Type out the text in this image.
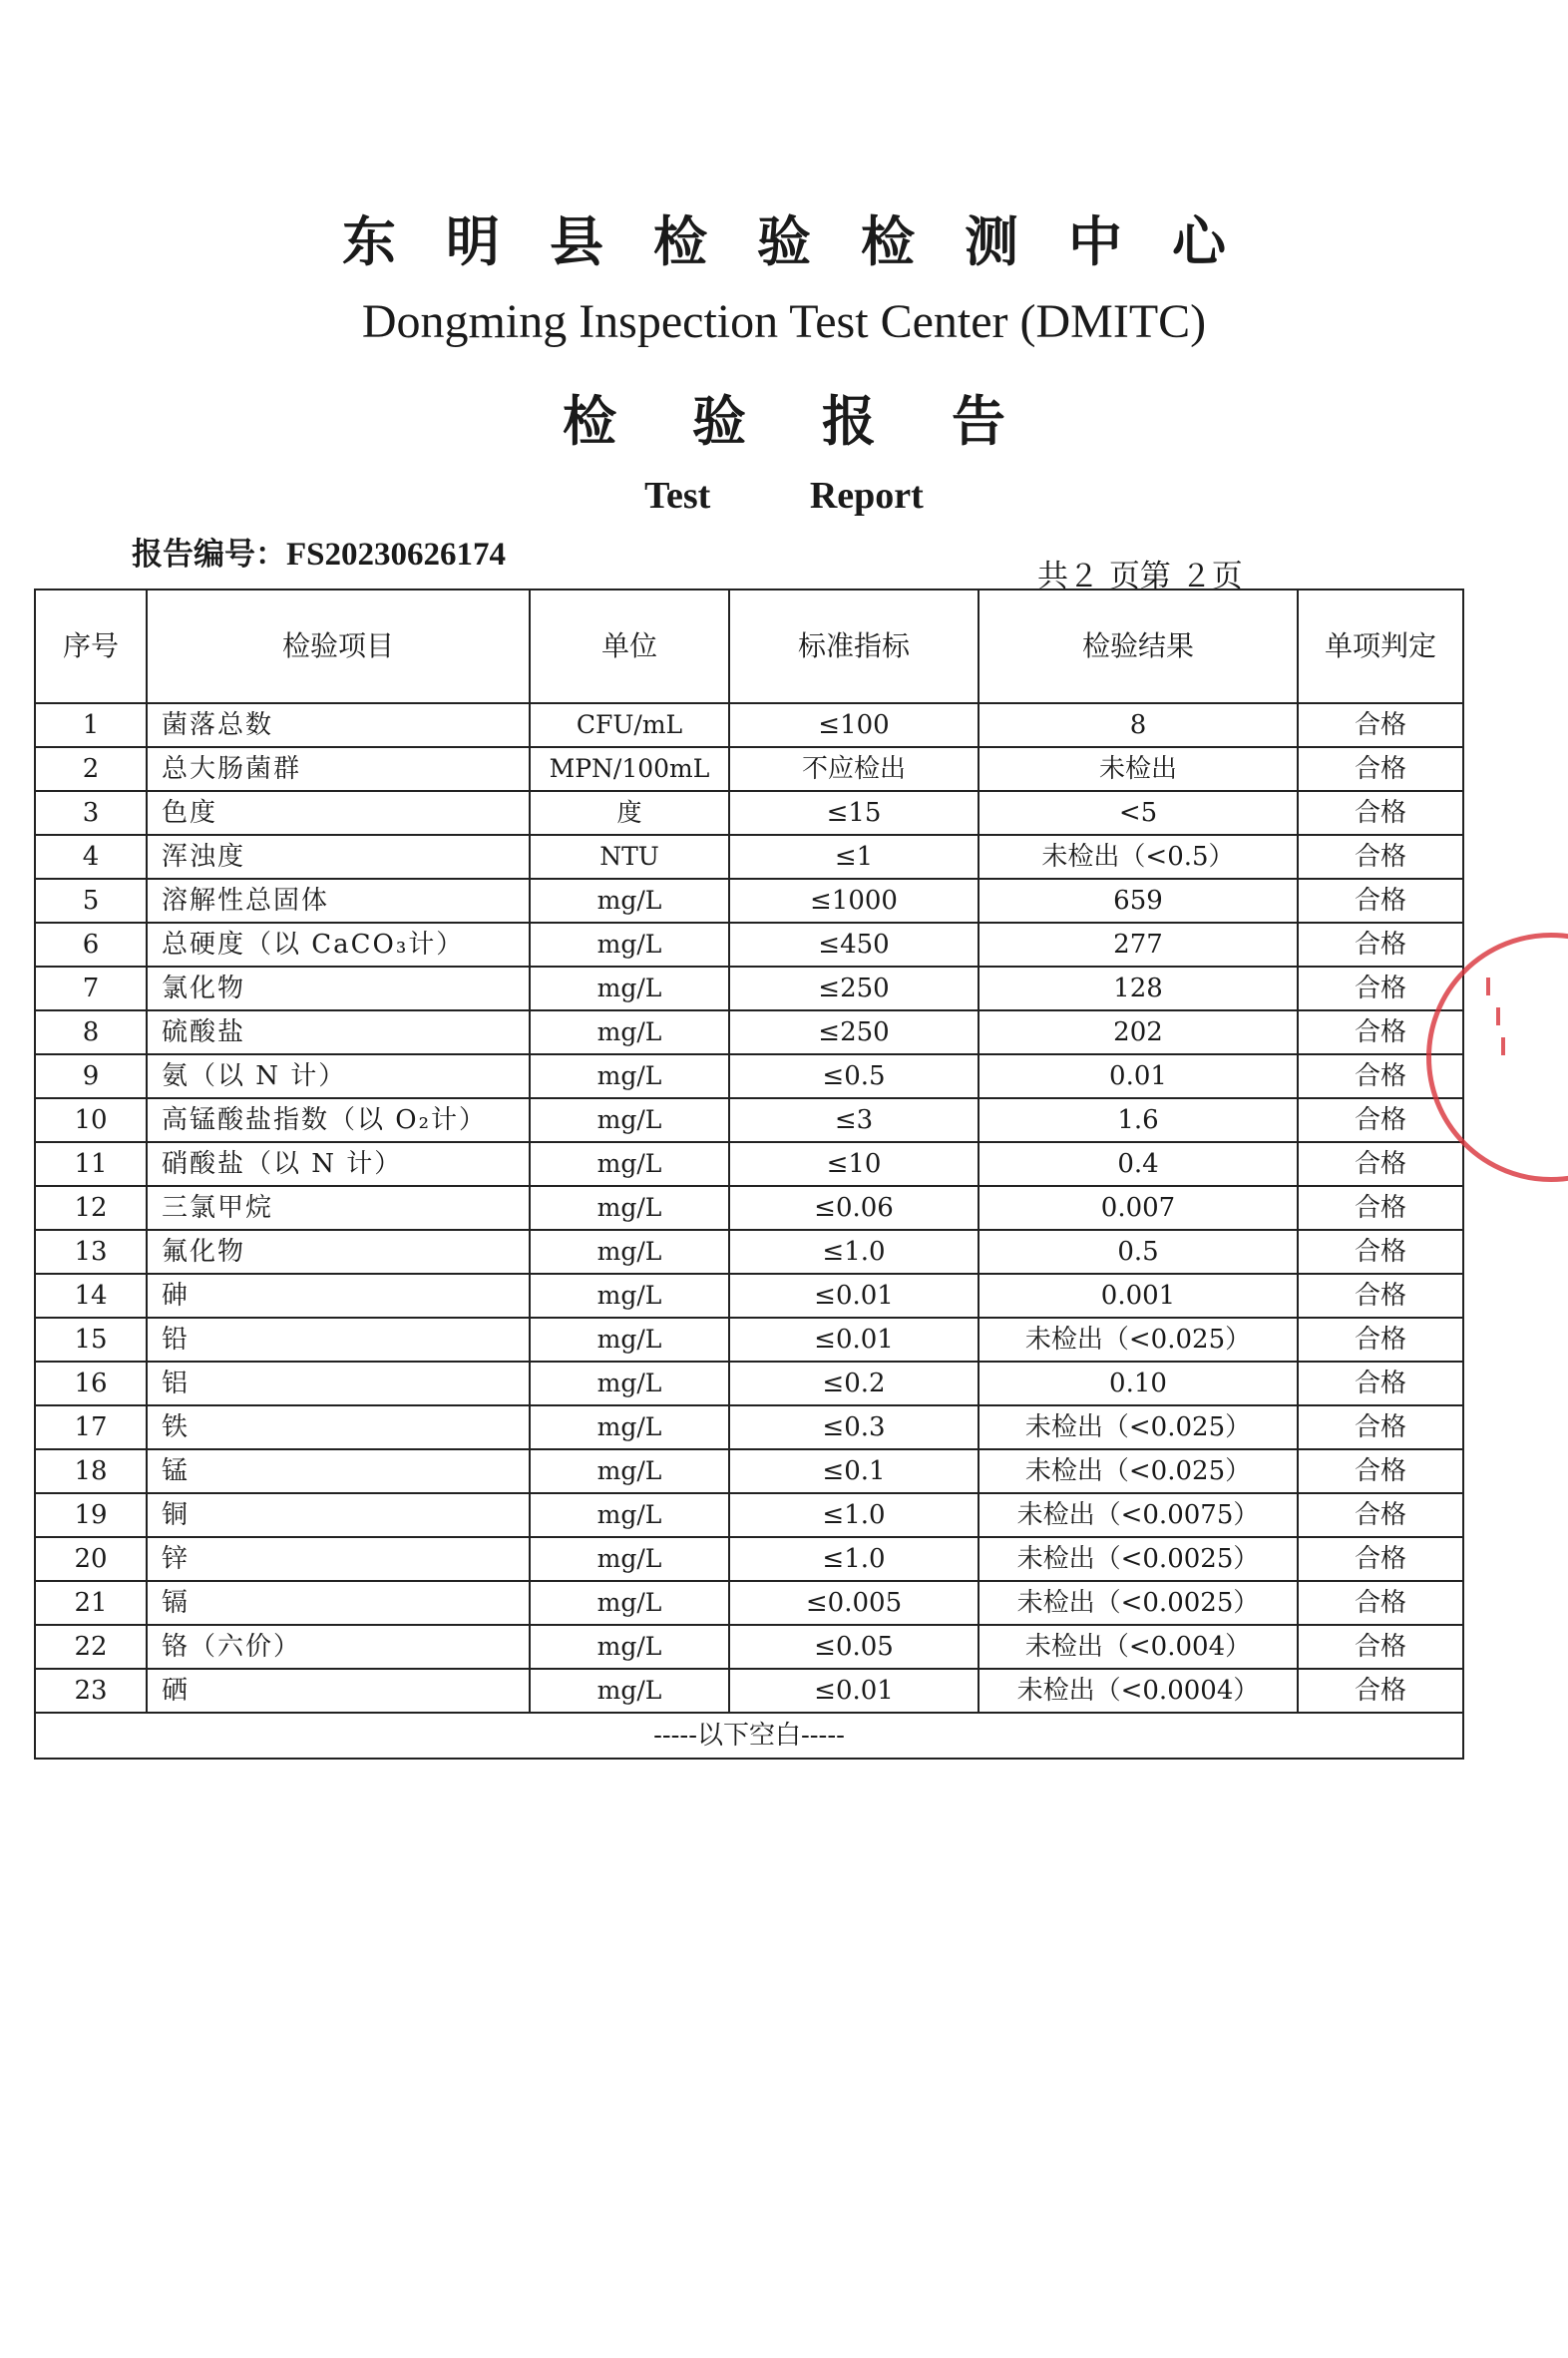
东明县检验检测中心
Dongming Inspection Test Center (DMITC)
检验报告
Test Report
报告编号：FS20230626174
共２ 页第 ２页
序号	检验项目	单位	标准指标	检验结果	单项判定
1	菌落总数	CFU/mL	≤100	8	合格
2	总大肠菌群	MPN/100mL	不应检出	未检出	合格
3	色度	度	≤15	<5	合格
4	浑浊度	NTU	≤1	未检出（<0.5）	合格
5	溶解性总固体	mg/L	≤1000	659	合格
6	总硬度（以 CaCO₃计）	mg/L	≤450	277	合格
7	氯化物	mg/L	≤250	128	合格
8	硫酸盐	mg/L	≤250	202	合格
9	氨（以 N 计）	mg/L	≤0.5	0.01	合格
10	高锰酸盐指数（以 O₂计）	mg/L	≤3	1.6	合格
11	硝酸盐（以 N 计）	mg/L	≤10	0.4	合格
12	三氯甲烷	mg/L	≤0.06	0.007	合格
13	氟化物	mg/L	≤1.0	0.5	合格
14	砷	mg/L	≤0.01	0.001	合格
15	铅	mg/L	≤0.01	未检出（<0.025）	合格
16	铝	mg/L	≤0.2	0.10	合格
17	铁	mg/L	≤0.3	未检出（<0.025）	合格
18	锰	mg/L	≤0.1	未检出（<0.025）	合格
19	铜	mg/L	≤1.0	未检出（<0.0075）	合格
20	锌	mg/L	≤1.0	未检出（<0.0025）	合格
21	镉	mg/L	≤0.005	未检出（<0.0025）	合格
22	铬（六价）	mg/L	≤0.05	未检出（<0.004）	合格
23	硒	mg/L	≤0.01	未检出（<0.0004）	合格
-----以下空白-----					
